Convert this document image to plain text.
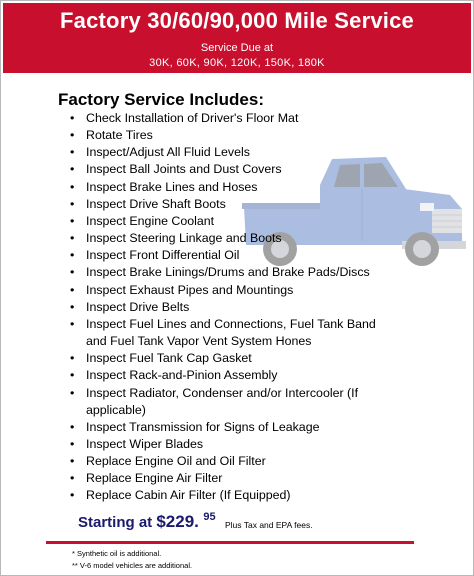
Factory 30/60/90,000 Mile Service
Service Due at
30K, 60K, 90K, 120K, 150K, 180K
Factory Service Includes:
• Check Installation of Driver's Floor Mat
• Rotate Tires
• Inspect/Adjust All Fluid Levels
• Inspect Ball Joints and Dust Covers
• Inspect Brake Lines and Hoses
• Inspect Drive Shaft Boots
• Inspect Engine Coolant
• Inspect Steering Linkage and Boots
• Inspect Front Differential Oil
• Inspect Brake Linings/Drums and Brake Pads/Discs
• Inspect Exhaust Pipes and Mountings
• Inspect Drive Belts
• Inspect Fuel Lines and Connections, Fuel Tank Band and Fuel Tank Vapor Vent System Hones
• Inspect Fuel Tank Cap Gasket
• Inspect Rack-and-Pinion Assembly
• Inspect Radiator, Condenser and/or Intercooler (If applicable)
• Inspect Transmission for Signs of Leakage
• Inspect Wiper Blades
• Replace Engine Oil and Oil Filter
• Replace Engine Air Filter
• Replace Cabin Air Filter (If Equipped)
Starting at $229. $^{95}$
Plus Tax and EPA fees.
* Synthetic oil is additional.
** V-6 model vehicles are additional.
